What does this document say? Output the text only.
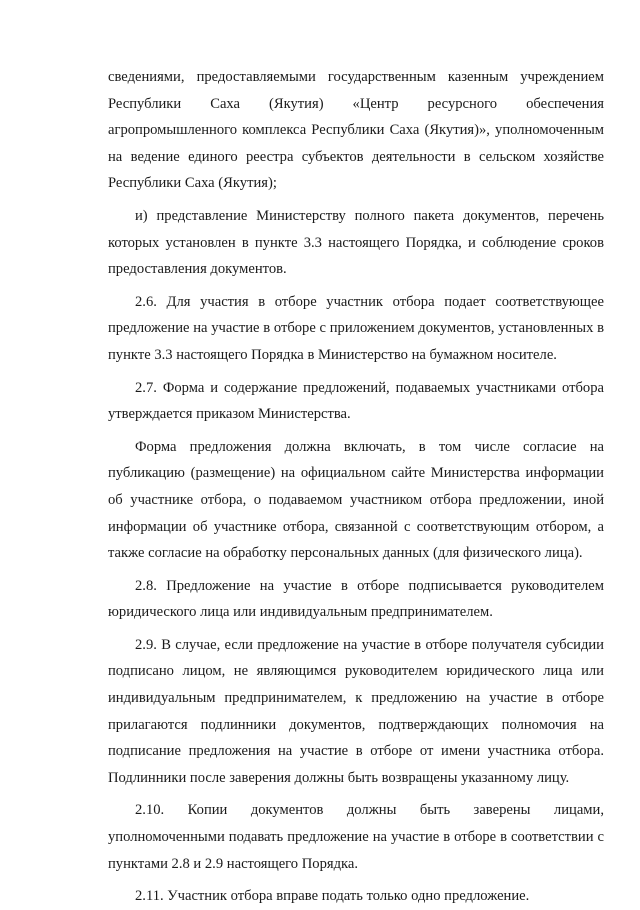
сведениями, предоставляемыми государственным казенным учреждением Республики Саха (Якутия) «Центр ресурсного обеспечения агропромышленного комплекса Республики Саха (Якутия)», уполномоченным на ведение единого реестра субъектов деятельности в сельском хозяйстве Республики Саха (Якутия);

и) представление Министерству полного пакета документов, перечень которых установлен в пункте 3.3 настоящего Порядка, и соблюдение сроков предоставления документов.

2.6. Для участия в отборе участник отбора подает соответствующее предложение на участие в отборе с приложением документов, установленных в пункте 3.3 настоящего Порядка в Министерство на бумажном носителе.

2.7. Форма и содержание предложений, подаваемых участниками отбора утверждается приказом Министерства.

Форма предложения должна включать, в том числе согласие на публикацию (размещение) на официальном сайте Министерства информации об участнике отбора, о подаваемом участником отбора предложении, иной информации об участнике отбора, связанной с соответствующим отбором, а также согласие на обработку персональных данных (для физического лица).

2.8. Предложение на участие в отборе подписывается руководителем юридического лица или индивидуальным предпринимателем.

2.9. В случае, если предложение на участие в отборе получателя субсидии подписано лицом, не являющимся руководителем юридического лица или индивидуальным предпринимателем, к предложению на участие в отборе прилагаются подлинники документов, подтверждающих полномочия на подписание предложения на участие в отборе от имени участника отбора. Подлинники после заверения должны быть возвращены указанному лицу.

2.10. Копии документов должны быть заверены лицами, уполномоченными подавать предложение на участие в отборе в соответствии с пунктами 2.8 и 2.9 настоящего Порядка.

2.11. Участник отбора вправе подать только одно предложение.
